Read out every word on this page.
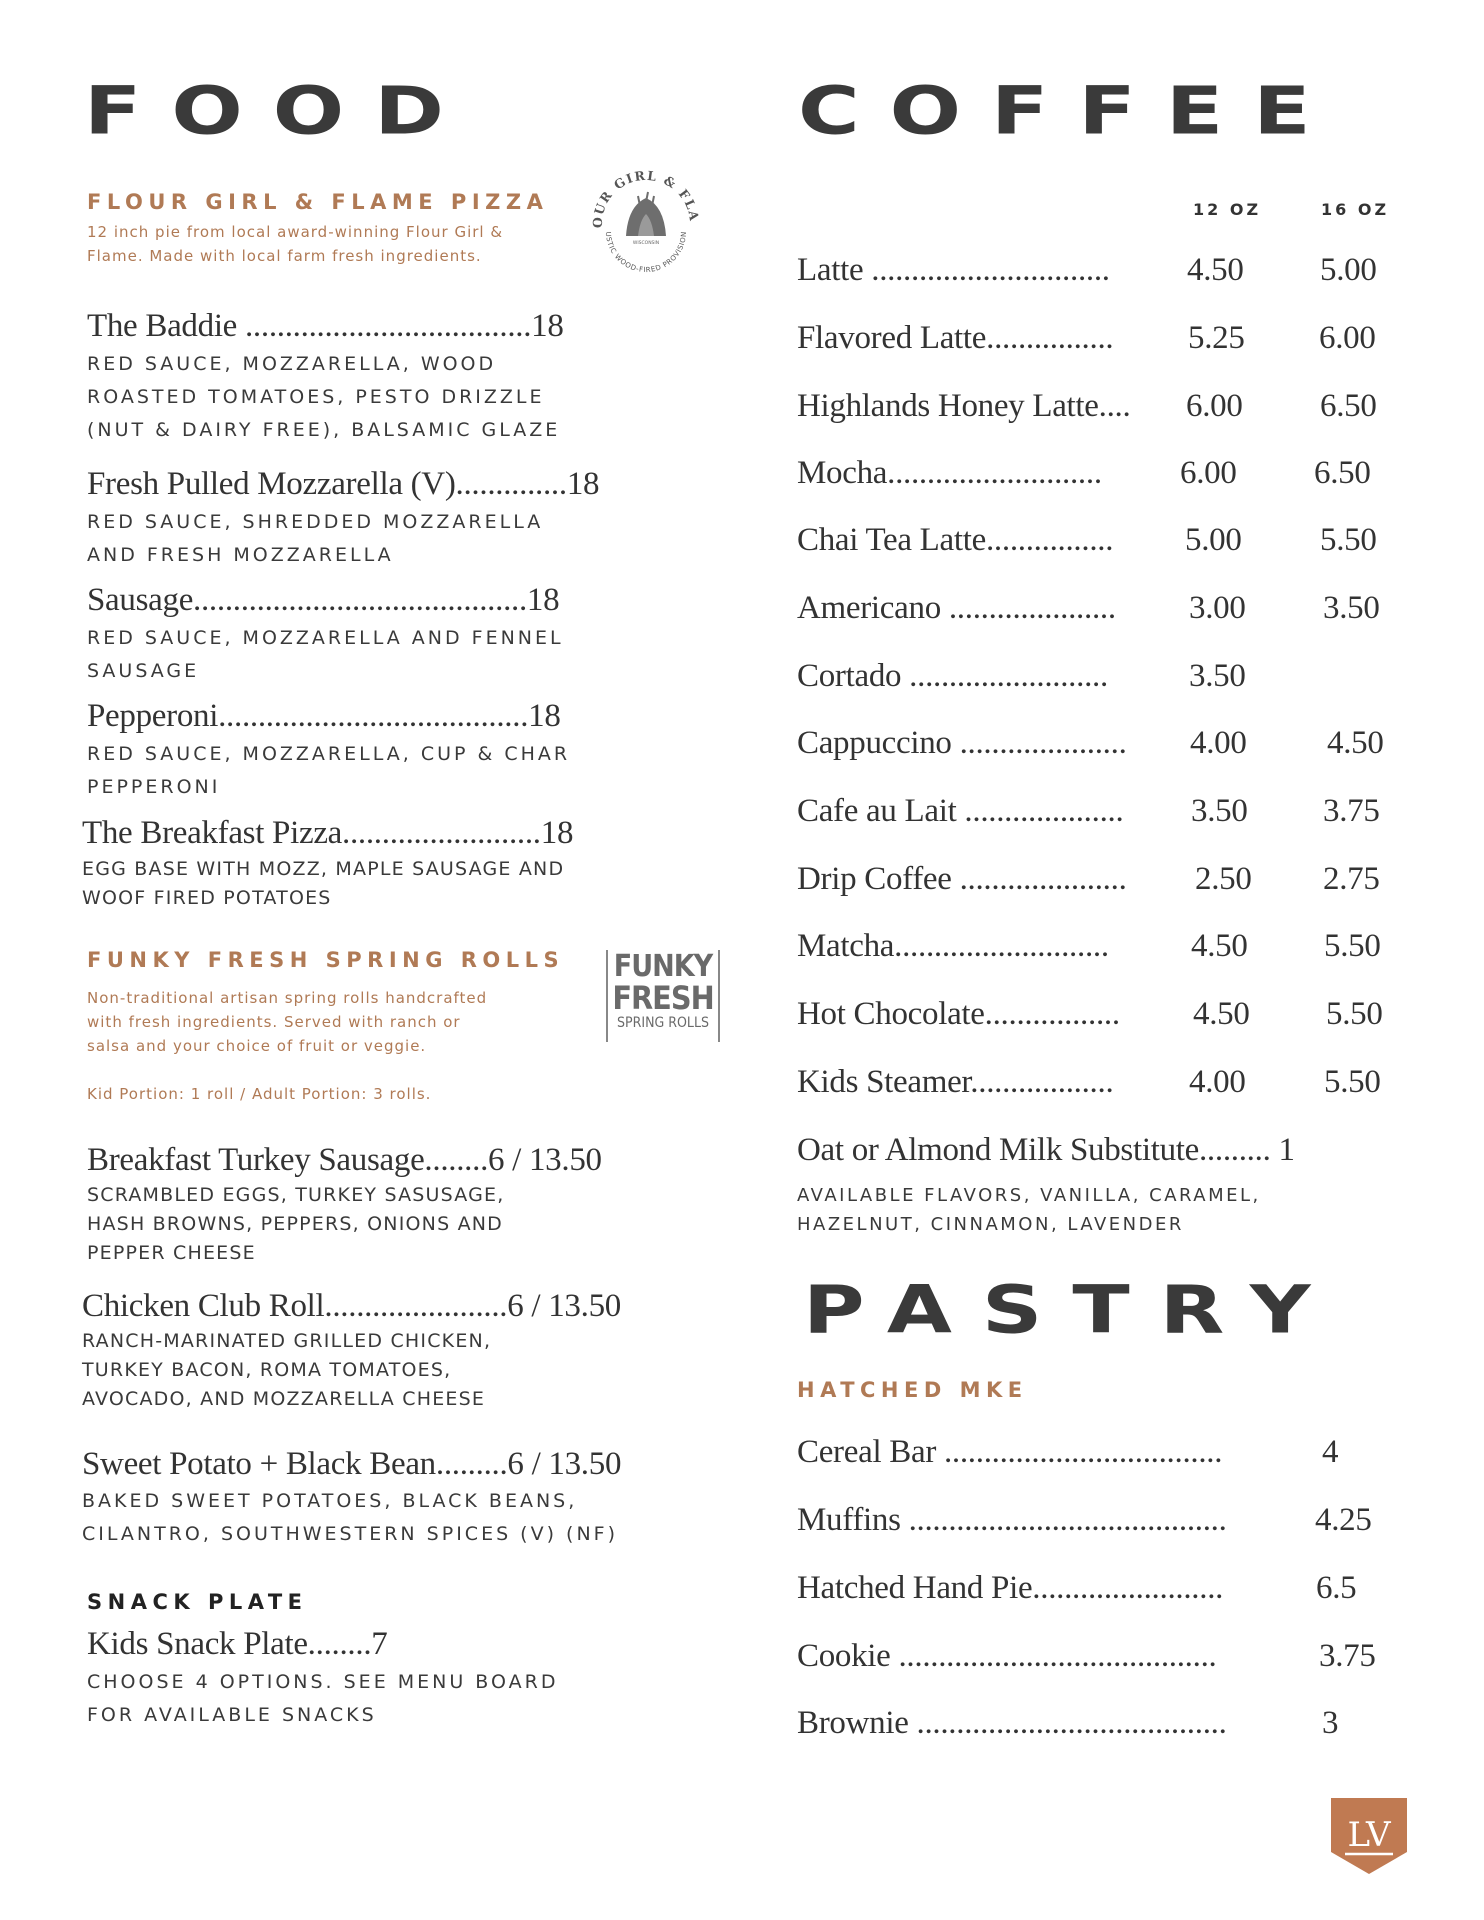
FOOD
FLOUR GIRL & FLAME PIZZA
12 inch pie from local award-winning Flour Girl &
Flame. Made with local farm fresh ingredients.
OUR GIRL & FLA
USTIC WOOD-FIRED PROVISION
WISCONSIN
The Baddie ....................................18
RED SAUCE, MOZZARELLA, WOOD
ROASTED TOMATOES, PESTO DRIZZLE
(NUT & DAIRY FREE), BALSAMIC GLAZE
Fresh Pulled Mozzarella (V)..............18
RED SAUCE, SHREDDED MOZZARELLA
AND FRESH MOZZARELLA
Sausage..........................................18
RED SAUCE, MOZZARELLA AND FENNEL
SAUSAGE
Pepperoni.......................................18
RED SAUCE, MOZZARELLA, CUP & CHAR
PEPPERONI
The Breakfast Pizza.........................18
EGG BASE WITH MOZZ, MAPLE SAUSAGE AND
WOOF FIRED POTATOES
FUNKY FRESH SPRING ROLLS
Non-traditional artisan spring rolls handcrafted
with fresh ingredients. Served with ranch or
salsa and your choice of fruit or veggie.
Kid Portion: 1 roll / Adult Portion: 3 rolls.
FUNKY
FRESH
SPRING ROLLS
Breakfast Turkey Sausage........6 / 13.50
SCRAMBLED EGGS, TURKEY SASUSAGE,
HASH BROWNS, PEPPERS, ONIONS AND
PEPPER CHEESE
Chicken Club Roll.......................6 / 13.50
RANCH-MARINATED GRILLED CHICKEN,
TURKEY BACON, ROMA TOMATOES,
AVOCADO, AND MOZZARELLA CHEESE
Sweet Potato + Black Bean.........6 / 13.50
BAKED SWEET POTATOES, BLACK BEANS,
CILANTRO, SOUTHWESTERN SPICES (V) (NF)
SNACK PLATE
Kids Snack Plate........7
CHOOSE 4 OPTIONS. SEE MENU BOARD
FOR AVAILABLE SNACKS
COFFEE
12 OZ	16 OZ
Latte .............................. 4.50 5.00
Flavored Latte................ 5.25 6.00
Highlands Honey Latte.... 6.00 6.50
Mocha........................... 6.00 6.50
Chai Tea Latte................ 5.00 5.50
Americano ..................... 3.00 3.50
Cortado ......................... 3.50
Cappuccino ..................... 4.00 4.50
Cafe au Lait .................... 3.50 3.75
Drip Coffee ..................... 2.50 2.75
Matcha........................... 4.50 5.50
Hot Chocolate................. 4.50 5.50
Kids Steamer.................. 4.00 5.50
Oat or Almond Milk Substitute......... 1
AVAILABLE FLAVORS, VANILLA, CARAMEL,
HAZELNUT, CINNAMON, LAVENDER
PASTRY
HATCHED MKE
Cereal Bar ...................................	4
Muffins ........................................	4.25
Hatched Hand Pie........................	6.5
Cookie ........................................	3.75
Brownie .......................................	3
LV
